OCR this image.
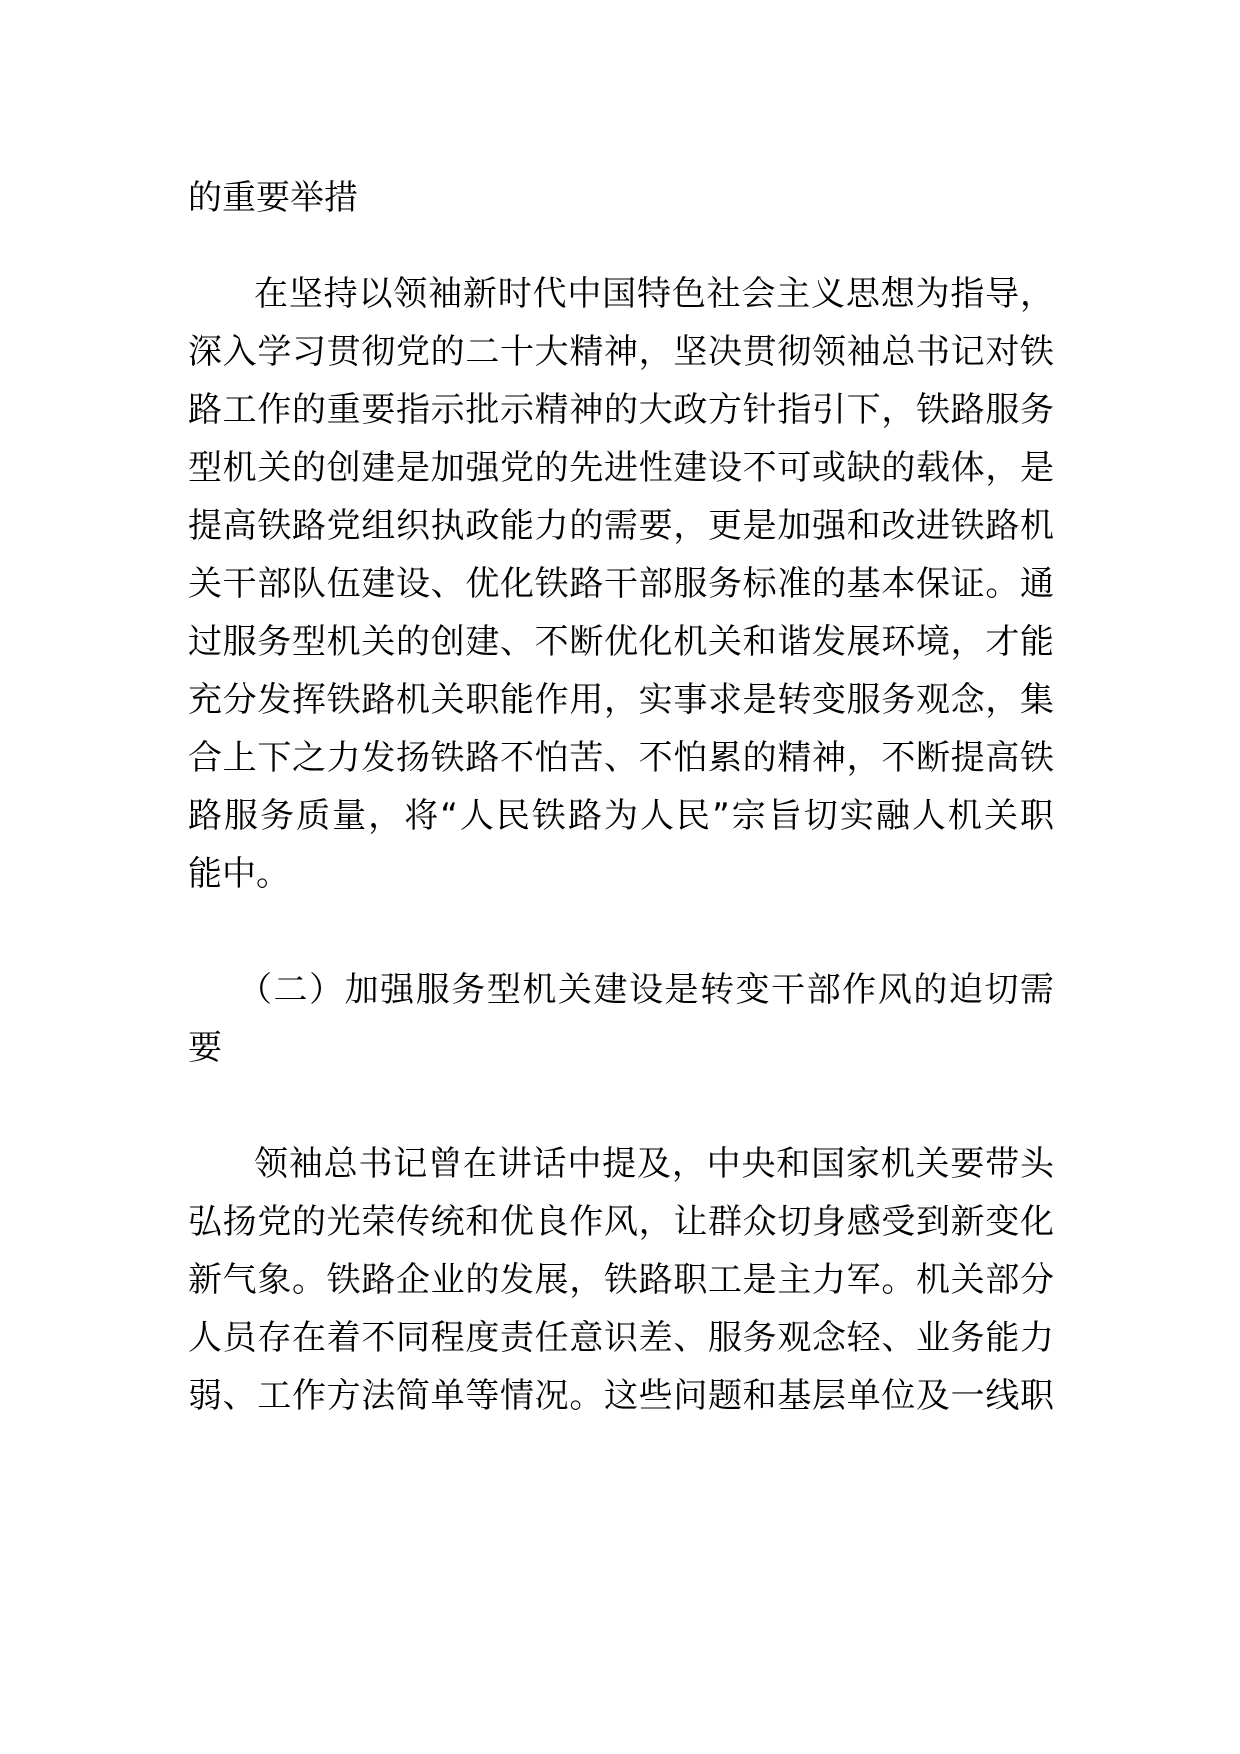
的重要举措
在坚持以领袖新时代中国特色社会主义思想为指导，
深入学习贯彻党的二十大精神，坚决贯彻领袖总书记对铁
路工作的重要指示批示精神的大政方针指引下，铁路服务
型机关的创建是加强党的先进性建设不可或缺的载体，是
提高铁路党组织执政能力的需要，更是加强和改进铁路机
关干部队伍建设、优化铁路干部服务标准的基本保证。通
过服务型机关的创建、不断优化机关和谐发展环境，才能
充分发挥铁路机关职能作用，实事求是转变服务观念，集
合上下之力发扬铁路不怕苦、不怕累的精神，不断提高铁
路服务质量，将“人民铁路为人民”宗旨切实融人机关职
能中。
（二）加强服务型机关建设是转变干部作风的迫切需
要
领袖总书记曾在讲话中提及，中央和国家机关要带头
弘扬党的光荣传统和优良作风，让群众切身感受到新变化
新气象。铁路企业的发展，铁路职工是主力军。机关部分
人员存在着不同程度责任意识差、服务观念轻、业务能力
弱、工作方法简单等情况。这些问题和基层单位及一线职
